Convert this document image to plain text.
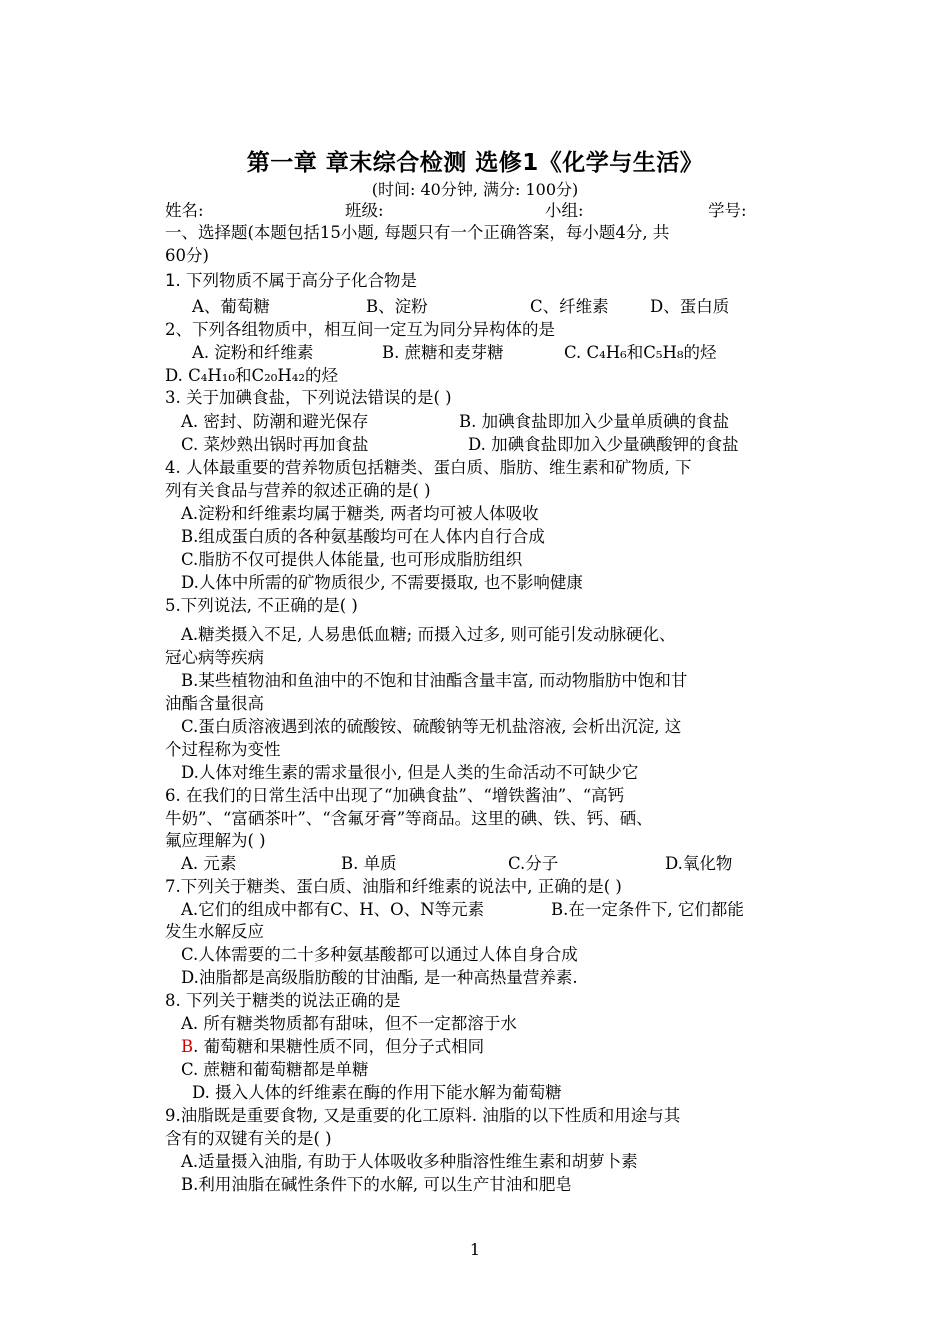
第一章 章末综合检测 选修1《化学与生活》
(时间: 40分钟, 满分: 100分)
姓名:	班级:	小组:	学号:
一、选择题(本题包括15小题, 每题只有一个正确答案，每小题4分, 共
60分)
1. 下列物质不属于高分子化合物是
A、葡萄糖	B、淀粉	C、纤维素	D、蛋白质
2、下列各组物质中，相互间一定互为同分异构体的是
A. 淀粉和纤维素	B. 蔗糖和麦芽糖	C. C₄H₆和C₅H₈的烃
D. C₄H₁₀和C₂₀H₄₂的烃
3. 关于加碘食盐，下列说法错误的是( )
A. 密封、防潮和避光保存	B. 加碘食盐即加入少量单质碘的食盐
C. 菜炒熟出锅时再加食盐	D. 加碘食盐即加入少量碘酸钾的食盐
4. 人体最重要的营养物质包括糖类、蛋白质、脂肪、维生素和矿物质, 下
列有关食品与营养的叙述正确的是( )
A.淀粉和纤维素均属于糖类, 两者均可被人体吸收
B.组成蛋白质的各种氨基酸均可在人体内自行合成
C.脂肪不仅可提供人体能量, 也可形成脂肪组织
D.人体中所需的矿物质很少, 不需要摄取, 也不影响健康
5.下列说法, 不正确的是( )
A.糖类摄入不足, 人易患低血糖; 而摄入过多, 则可能引发动脉硬化、
冠心病等疾病
B.某些植物油和鱼油中的不饱和甘油酯含量丰富, 而动物脂肪中饱和甘
油酯含量很高
C.蛋白质溶液遇到浓的硫酸铵、硫酸钠等无机盐溶液, 会析出沉淀, 这
个过程称为变性
D.人体对维生素的需求量很小, 但是人类的生命活动不可缺少它
6. 在我们的日常生活中出现了“加碘食盐”、“增铁酱油”、“高钙
牛奶”、“富硒茶叶”、“含氟牙膏”等商品。这里的碘、铁、钙、硒、
氟应理解为( )
A. 元素	B. 单质	C.分子	D.氧化物
7.下列关于糖类、蛋白质、油脂和纤维素的说法中, 正确的是( )
A.它们的组成中都有C、H、O、N等元素	B.在一定条件下, 它们都能
发生水解反应
C.人体需要的二十多种氨基酸都可以通过人体自身合成
D.油脂都是高级脂肪酸的甘油酯, 是一种高热量营养素.
8. 下列关于糖类的说法正确的是
A. 所有糖类物质都有甜味，但不一定都溶于水
B. 葡萄糖和果糖性质不同，但分子式相同
C. 蔗糖和葡萄糖都是单糖
D. 摄入人体的纤维素在酶的作用下能水解为葡萄糖
9.油脂既是重要食物, 又是重要的化工原料. 油脂的以下性质和用途与其
含有的双键有关的是( )
A.适量摄入油脂, 有助于人体吸收多种脂溶性维生素和胡萝卜素
B.利用油脂在碱性条件下的水解, 可以生产甘油和肥皂
1
